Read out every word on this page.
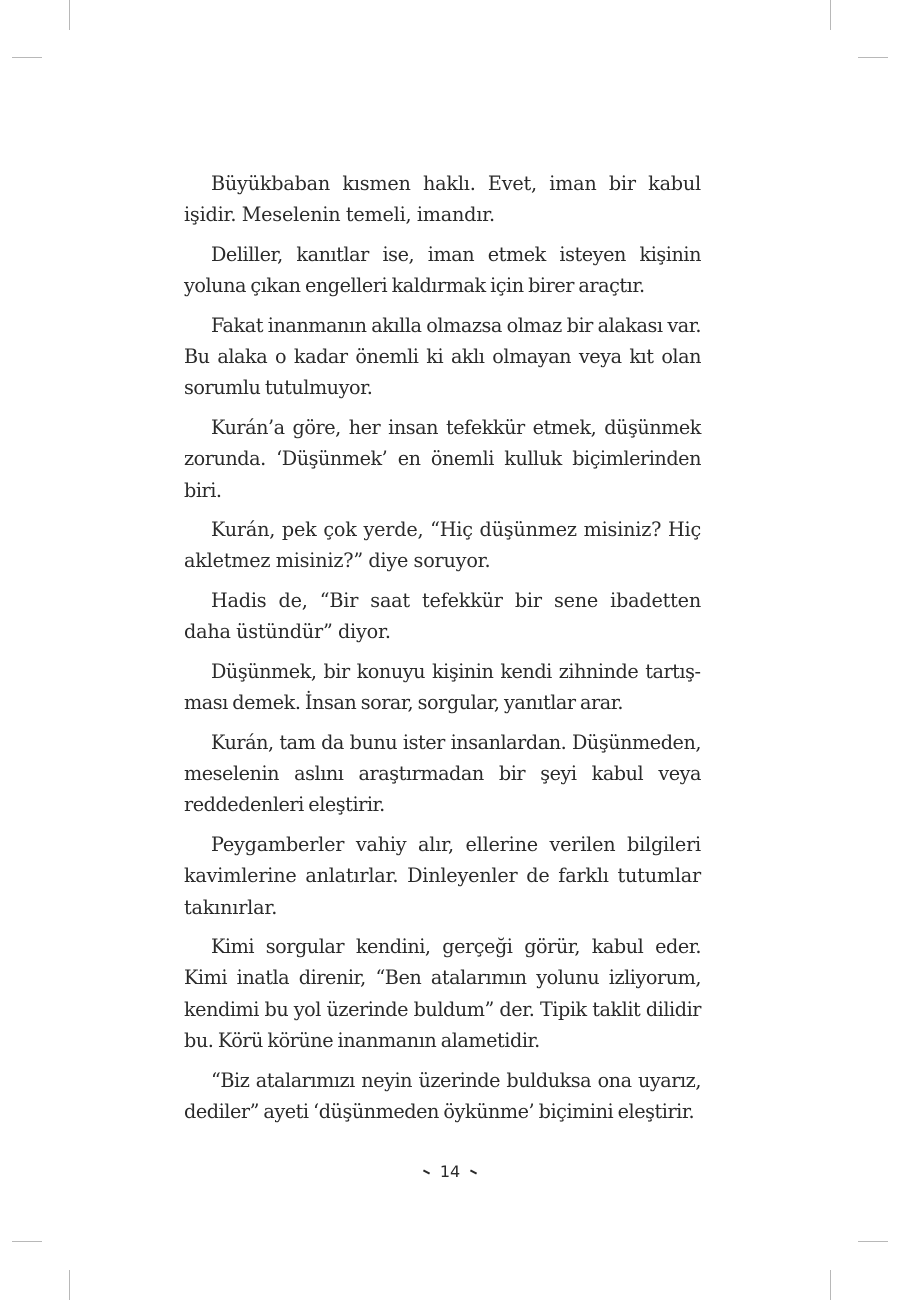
Büyükbaban kısmen haklı. Evet, iman bir kabul işidir. Meselenin temeli, imandır.

Deliller, kanıtlar ise, iman etmek isteyen kişinin yoluna çıkan engelleri kaldırmak için birer araçtır.

Fakat inanmanın akılla olmazsa olmaz bir alakası var. Bu alaka o kadar önemli ki aklı olmayan veya kıt olan sorumlu tutulmuyor.

Kurán’a göre, her insan tefekkür etmek, düşünmek zorunda. ‘Düşünmek’ en önemli kulluk biçimlerinden biri.

Kurán, pek çok yerde, “Hiç düşünmez misiniz? Hiç akletmez misiniz?” diye soruyor.

Hadis de, “Bir saat tefekkür bir sene ibadetten daha üstündür” diyor.

Düşünmek, bir konuyu kişinin kendi zihninde tartışması demek. İnsan sorar, sorgular, yanıtlar arar.

Kurán, tam da bunu ister insanlardan. Düşünmeden, meselenin aslını araştırmadan bir şeyi kabul veya reddedenleri eleştirir.

Peygamberler vahiy alır, ellerine verilen bilgileri kavimlerine anlatırlar. Dinleyenler de farklı tutumlar takınırlar.

Kimi sorgular kendini, gerçeği görür, kabul eder. Kimi inatla direnir, “Ben atalarımın yolunu izliyorum, kendimi bu yol üzerinde buldum” der. Tipik taklit dilidir bu. Körü körüne inanmanın alametidir.

“Biz atalarımızı neyin üzerinde bulduksa ona uyarız, dediler” ayeti ‘düşünmeden öykünme’ biçimini eleştirir.

14
